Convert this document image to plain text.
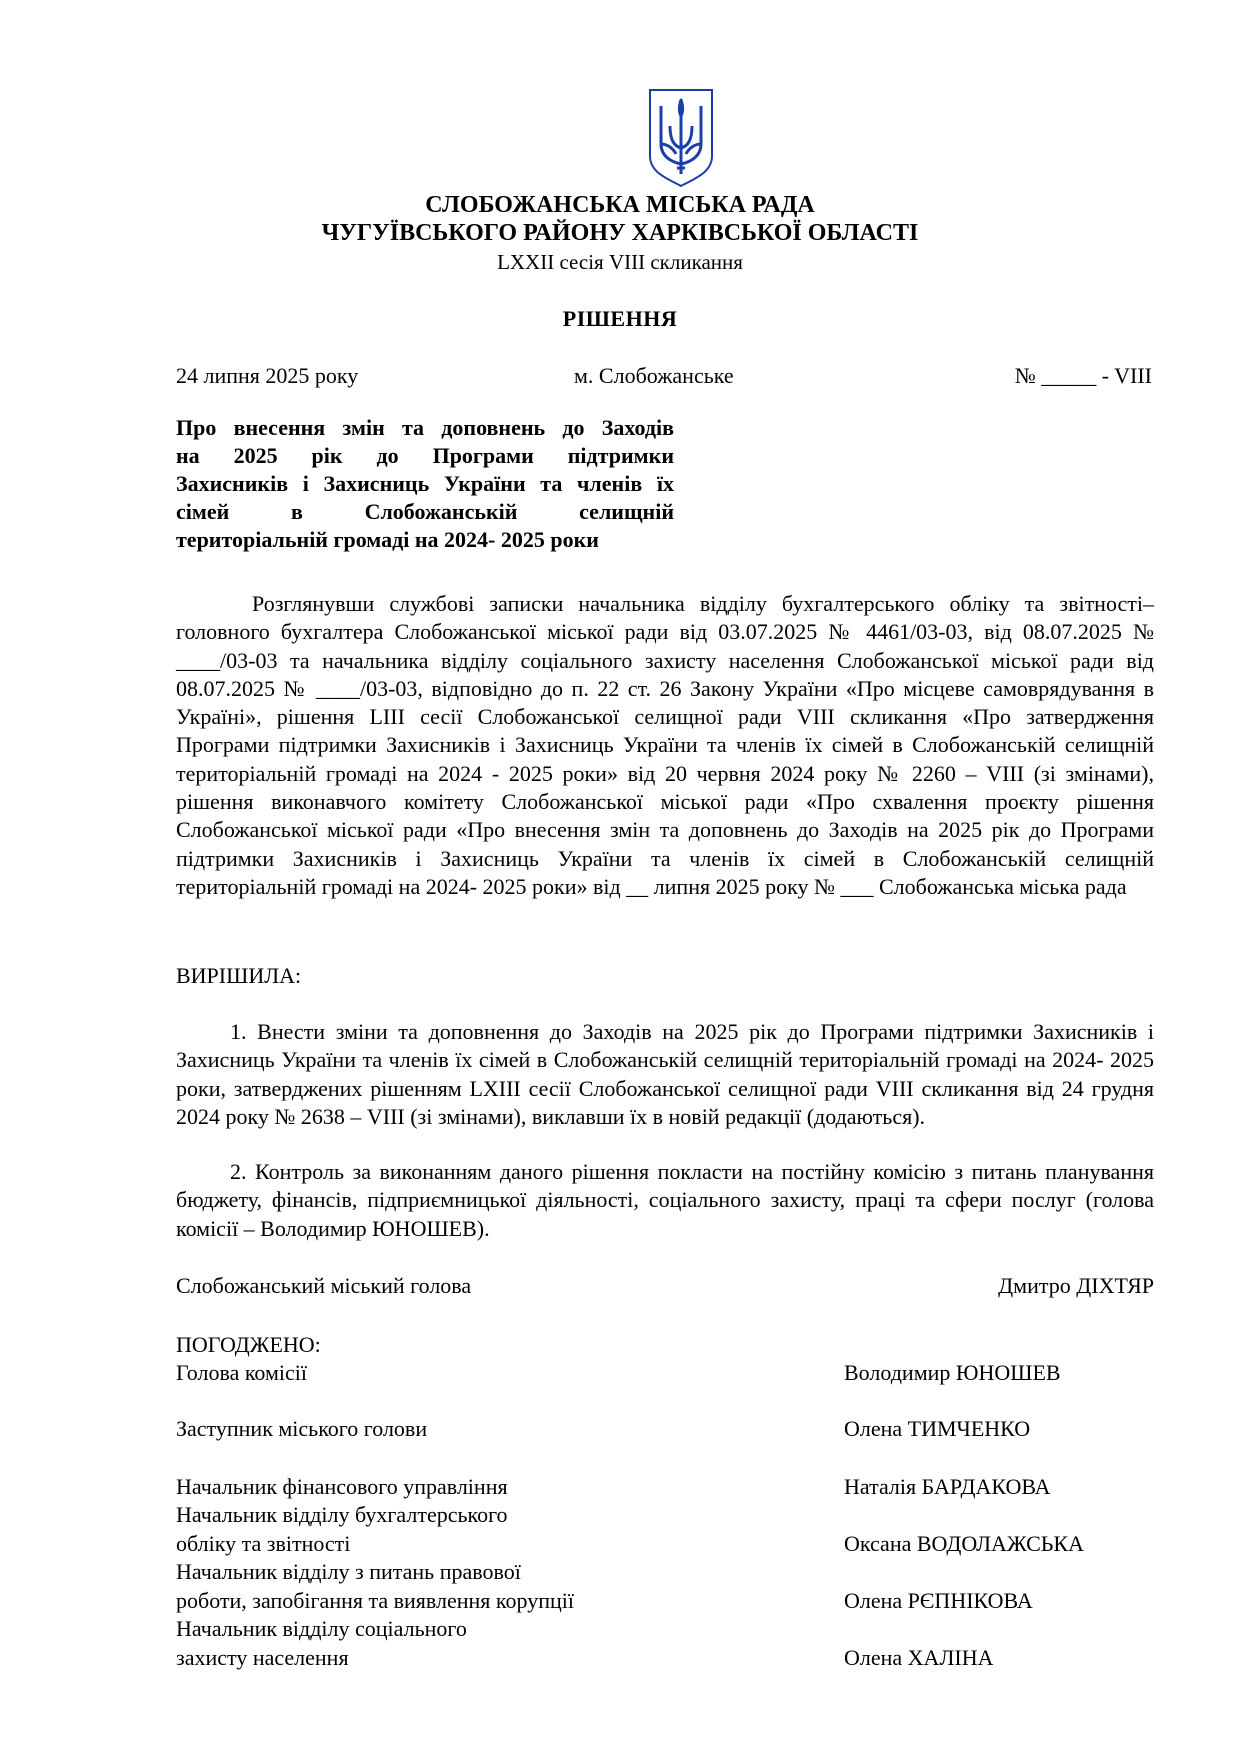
СЛОБОЖАНСЬКА МІСЬКА РАДА
ЧУГУЇВСЬКОГО РАЙОНУ ХАРКІВСЬКОЇ ОБЛАСТІ
LXXII сесія VIII скликання
РІШЕННЯ
24 липня 2025 року	м. Слобожанське	№ _____ - VIII
Про внесення змін та доповнень до Заходів
на 2025 рік до Програми підтримки
Захисників і Захисниць України та членів їх
сімей в Слобожанській селищній
територіальній громаді на 2024- 2025 роки
Розглянувши службові записки начальника відділу бухгалтерського обліку та звітності– головного бухгалтера Слобожанської міської ради від 03.07.2025 № 4461/03-03, від 08.07.2025 № ____/03-03 та начальника відділу соціального захисту населення Слобожанської міської ради від 08.07.2025 № ____/03-03, відповідно до п. 22 ст. 26 Закону України «Про місцеве самоврядування в Україні», рішення LIII сесії Слобожанської селищної ради VIII скликання «Про затвердження Програми підтримки Захисників і Захисниць України та членів їх сімей в Слобожанській селищній територіальній громаді на 2024 - 2025 роки» від 20 червня 2024 року № 2260 – VIII (зі змінами), рішення виконавчого комітету Слобожанської міської ради «Про схвалення проєкту рішення Слобожанської міської ради «Про внесення змін та доповнень до Заходів на 2025 рік до Програми підтримки Захисників і Захисниць України та членів їх сімей в Слобожанській селищній територіальній громаді на 2024- 2025 роки» від __ липня 2025 року № ___ Слобожанська міська рада
ВИРІШИЛА:
1. Внести зміни та доповнення до Заходів на 2025 рік до Програми підтримки Захисників і Захисниць України та членів їх сімей в Слобожанській селищній територіальній громаді на 2024- 2025 роки, затверджених рішенням LXIII сесії Слобожанської селищної ради VIII скликання від 24 грудня 2024 року № 2638 – VIII (зі змінами), виклавши їх в новій редакції (додаються).
2. Контроль за виконанням даного рішення покласти на постійну комісію з питань планування бюджету, фінансів, підприємницької діяльності, соціального захисту, праці та сфери послуг (голова комісії – Володимир ЮНОШЕВ).
Слобожанський міський голова	Дмитро ДІХТЯР
ПОГОДЖЕНО:
Голова комісії	Володимир ЮНОШЕВ
Заступник міського голови	Олена ТИМЧЕНКО
Начальник фінансового управління	Наталія БАРДАКОВА
Начальник відділу бухгалтерського
обліку та звітності	Оксана ВОДОЛАЖСЬКА
Начальник відділу з питань правової
роботи, запобігання та виявлення корупції	Олена РЄПНІКОВА
Начальник відділу соціального
захисту населення	Олена ХАЛІНА
